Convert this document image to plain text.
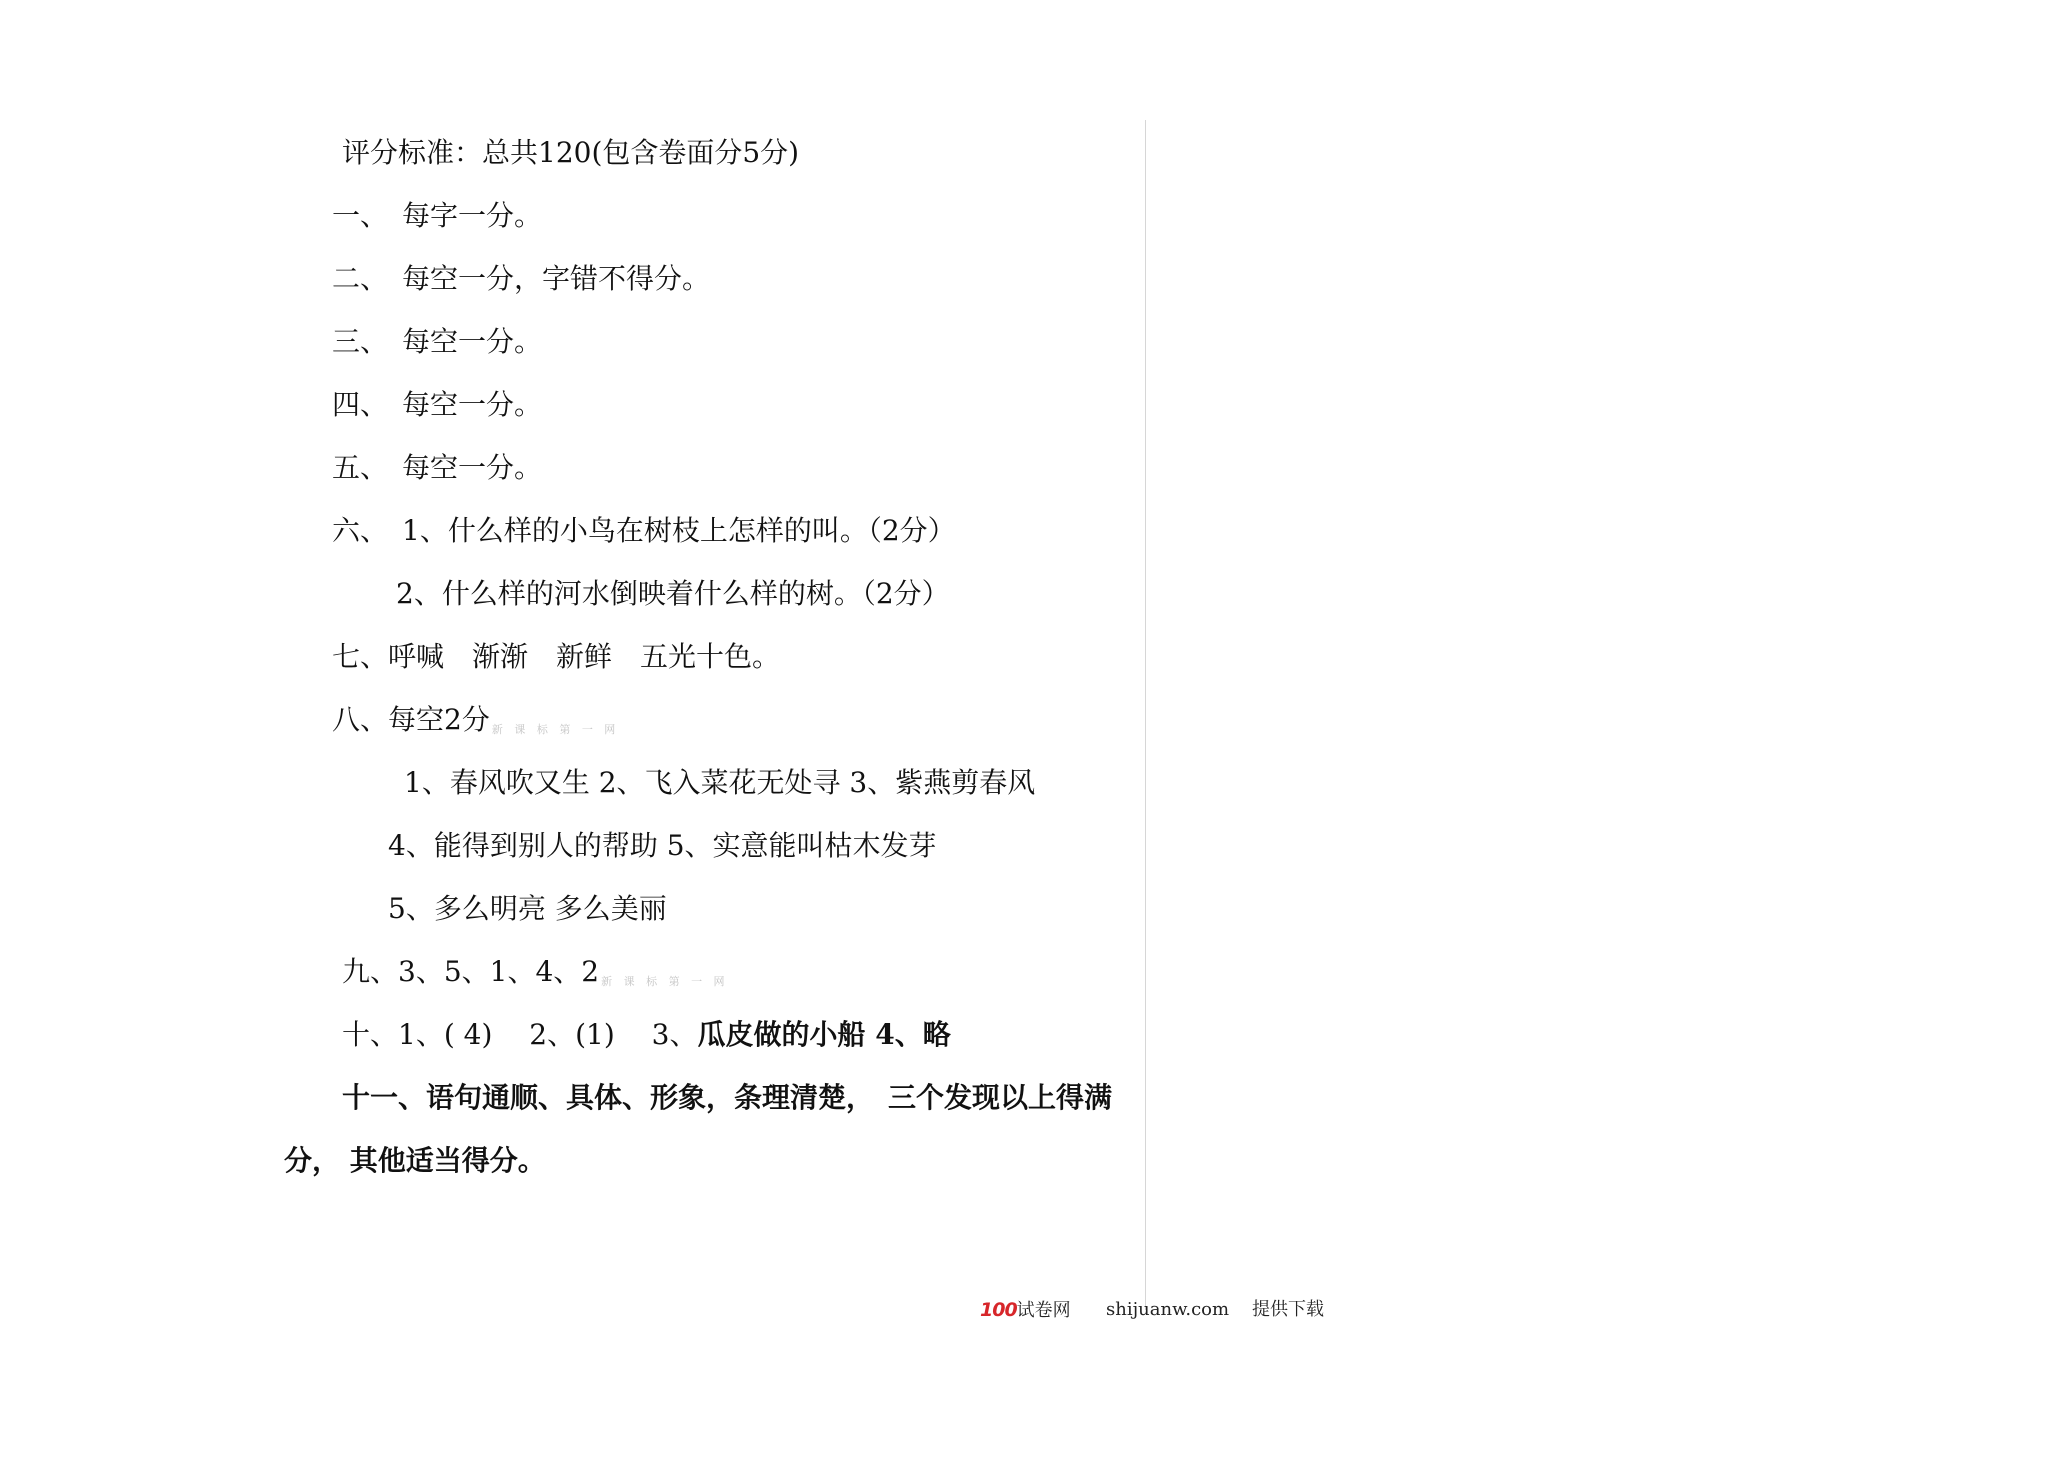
评分标准：总共120(包含卷面分5分)
一、　每字一分。
二、　每空一分，字错不得分。
三、　每空一分。
四、　每空一分。
五、　每空一分。
六、　1、什么样的小鸟在树枝上怎样的叫。（2分）
2、什么样的河水倒映着什么样的树。（2分）
七、呼喊　渐渐　新鲜　五光十色。
八、每空2分 新 课 标 第 一 网
1、春风吹又生 2、飞入菜花无处寻 3、紫燕剪春风
4、能得到别人的帮助 5、实意能叫枯木发芽
5、多么明亮 多么美丽
九、3、5、1、4、2 新 课 标 第 一 网
十、1、( 4)　 2、(1)　 3、瓜皮做的小船 4、略
十一、语句通顺、具体、形象，条理清楚，　三个发现以上得满
分， 其他适当得分。
100试卷网 shijuanw.com 提供下载
